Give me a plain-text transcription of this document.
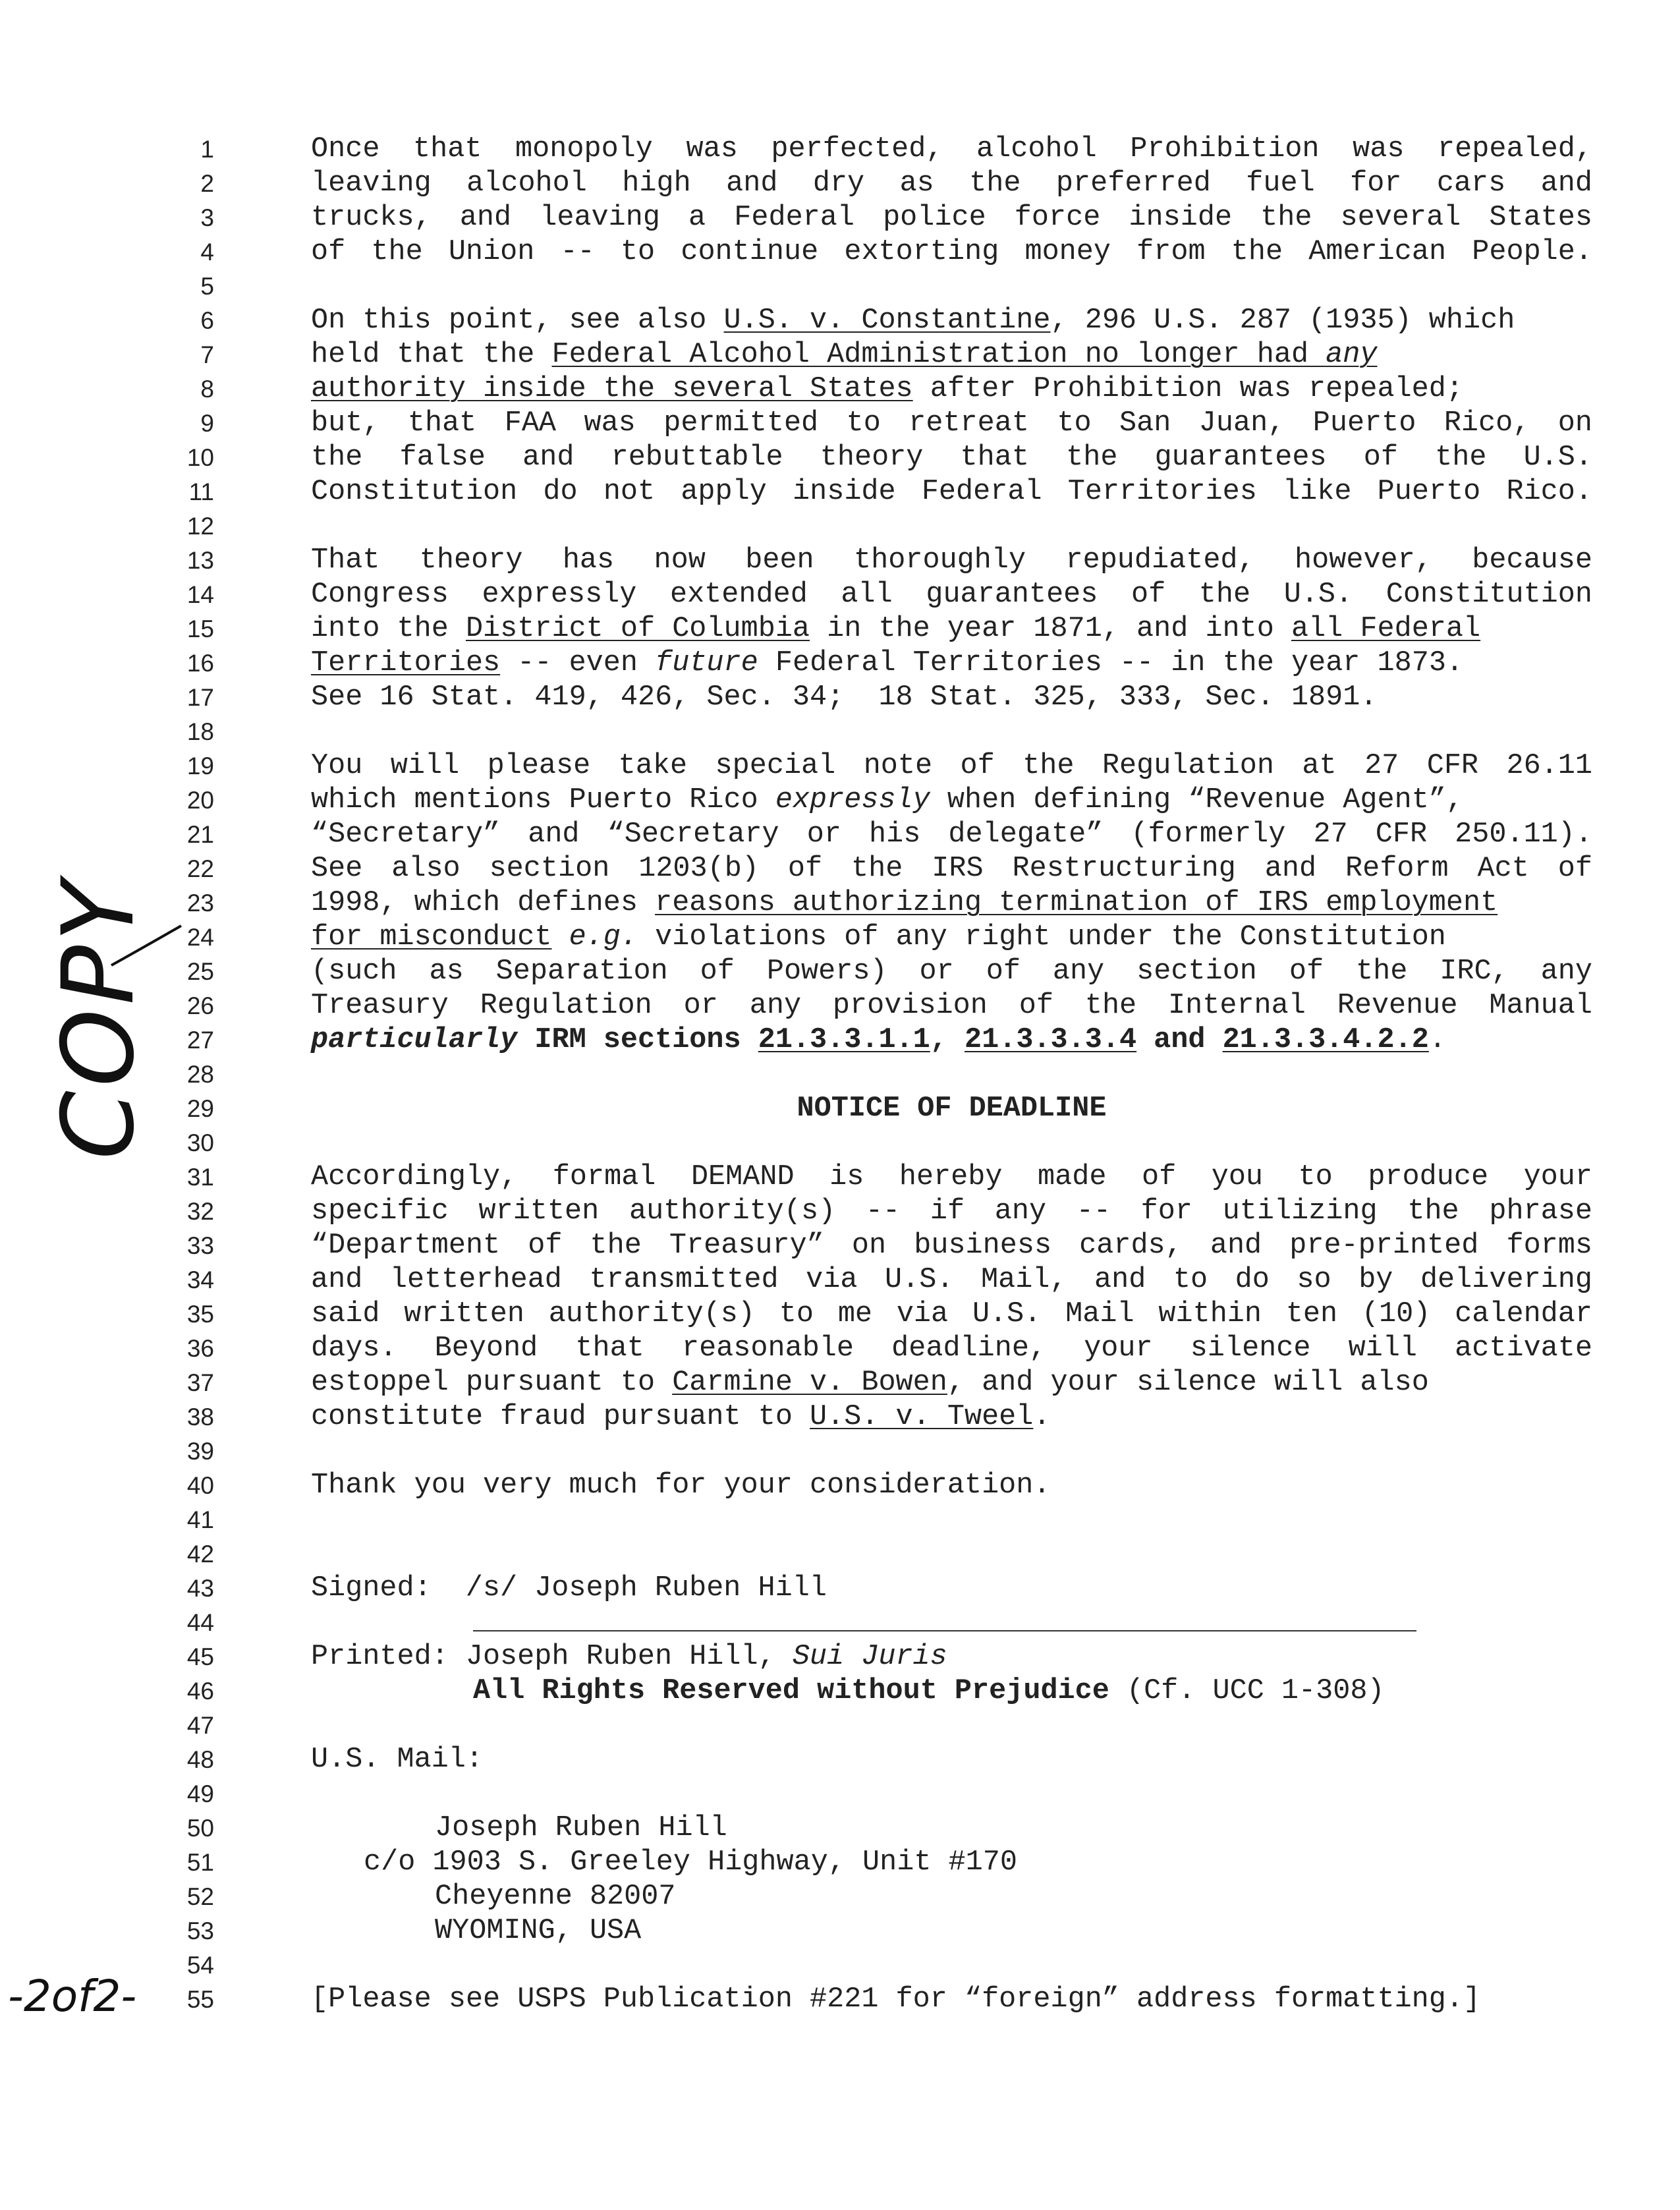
1
2
3
4
5
6
7
8
9
10
11
12
13
14
15
16
17
18
19
20
21
22
23
24
25
26
27
28
29
30
31
32
33
34
35
36
37
38
39
40
41
42
43
44
45
46
47
48
49
50
51
52
53
54
55
Once that monopoly was perfected, alcohol Prohibition was repealed,
leaving alcohol high and dry as the preferred fuel for cars and
trucks, and leaving a Federal police force inside the several States
of the Union -- to continue extorting money from the American People.
On this point, see also U.S. v. Constantine, 296 U.S. 287 (1935) which
held that the Federal Alcohol Administration no longer had any
authority inside the several States after Prohibition was repealed;
but, that FAA was permitted to retreat to San Juan, Puerto Rico, on
the false and rebuttable theory that the guarantees of the U.S.
Constitution do not apply inside Federal Territories like Puerto Rico.
That theory has now been thoroughly repudiated, however, because
Congress expressly extended all guarantees of the U.S. Constitution
into the District of Columbia in the year 1871, and into all Federal
Territories -- even future Federal Territories -- in the year 1873.
See 16 Stat. 419, 426, Sec. 34;  18 Stat. 325, 333, Sec. 1891.
You will please take special note of the Regulation at 27 CFR 26.11
which mentions Puerto Rico expressly when defining “Revenue Agent”,
“Secretary” and “Secretary or his delegate” (formerly 27 CFR 250.11).
See also section 1203(b) of the IRS Restructuring and Reform Act of
1998, which defines reasons authorizing termination of IRS employment
for misconduct e.g. violations of any right under the Constitution
(such as Separation of Powers) or of any section of the IRC, any
Treasury Regulation or any provision of the Internal Revenue Manual
particularly IRM sections 21.3.3.1.1, 21.3.3.3.4 and 21.3.3.4.2.2.
NOTICE OF DEADLINE
Accordingly, formal DEMAND is hereby made of you to produce your
specific written authority(s) -- if any -- for utilizing the phrase
“Department of the Treasury” on business cards, and pre-printed forms
and letterhead transmitted via U.S. Mail, and to do so by delivering
said written authority(s) to me via U.S. Mail within ten (10) calendar
days. Beyond that reasonable deadline, your silence will activate
estoppel pursuant to Carmine v. Bowen, and your silence will also
constitute fraud pursuant to U.S. v. Tweel.
Thank you very much for your consideration.
Signed: /s/ Joseph Ruben Hill
Printed: Joseph Ruben Hill, Sui Juris
All Rights Reserved without Prejudice (Cf. UCC 1-308)
U.S. Mail:
Joseph Ruben Hill
c/o 1903 S. Greeley Highway, Unit #170
Cheyenne 82007
WYOMING, USA
[Please see USPS Publication #221 for “foreign” address formatting.]
COPY
-2of2-
